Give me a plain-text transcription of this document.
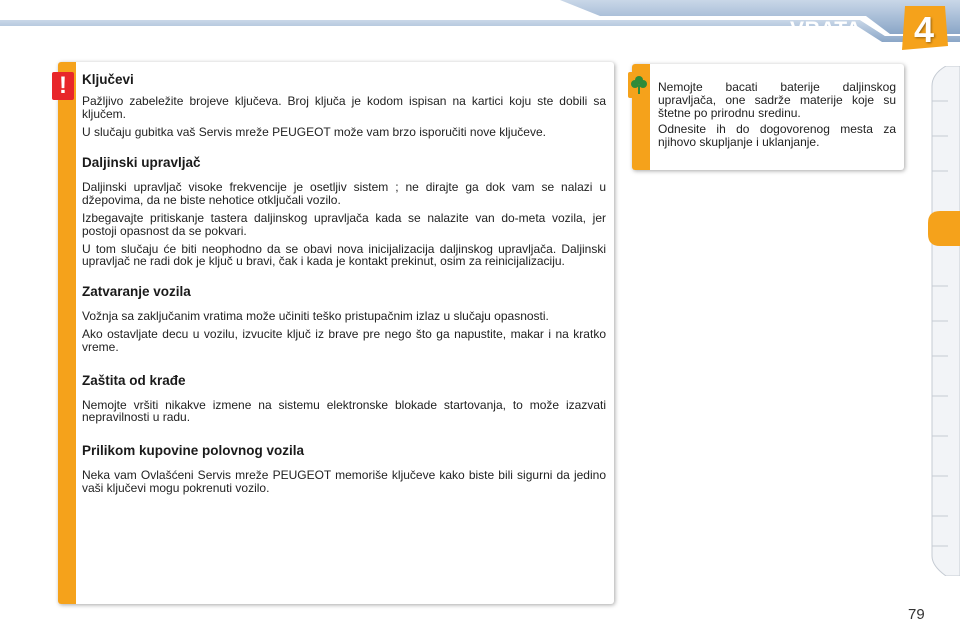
VRATA 4
Ključevi

Pažljivo zabeležite brojeve ključeva. Broj ključa je kodom ispisan na kartici koju ste dobili sa ključem.

U slučaju gubitka vaš Servis mreže PEUGEOT može vam brzo isporučiti nove ključeve.

Daljinski upravljač

Daljinski upravljač visoke frekvencije je osetljiv sistem ; ne dirajte ga dok vam se nalazi u džepovima, da ne biste nehotice otključali vozilo.

Izbegavajte pritiskanje tastera daljinskog upravljača kada se nalazite van do-meta vozila, jer postoji opasnost da se pokvari.

U tom slučaju će biti neophodno da se obavi nova inicijalizacija daljinskog upravljača. Daljinski upravljač ne radi dok je ključ u bravi, čak i kada je kontakt prekinut, osim za reinicijalizaciju.

Zatvaranje vozila

Vožnja sa zaključanim vratima može učiniti teško pristupačnim izlaz u slučaju opasnosti.

Ako ostavljate decu u vozilu, izvucite ključ iz brave pre nego što ga napustite, makar i na kratko vreme.

Zaštita od krađe

Nemojte vršiti nikakve izmene na sistemu elektronske blokade startovanja, to može izazvati nepravilnosti u radu.

Prilikom kupovine polovnog vozila

Neka vam Ovlašćeni Servis mreže PEUGEOT memoriše ključeve kako biste bili sigurni da jedino vaši ključevi mogu pokrenuti vozilo.

!	Nemojte bacati baterije daljinskog upravljača, one sadrže materije koje su štetne po prirodnu sredinu.

Odnesite ih do dogovorenog mesta za njihovo skupljanje i uklanjanje.

79
